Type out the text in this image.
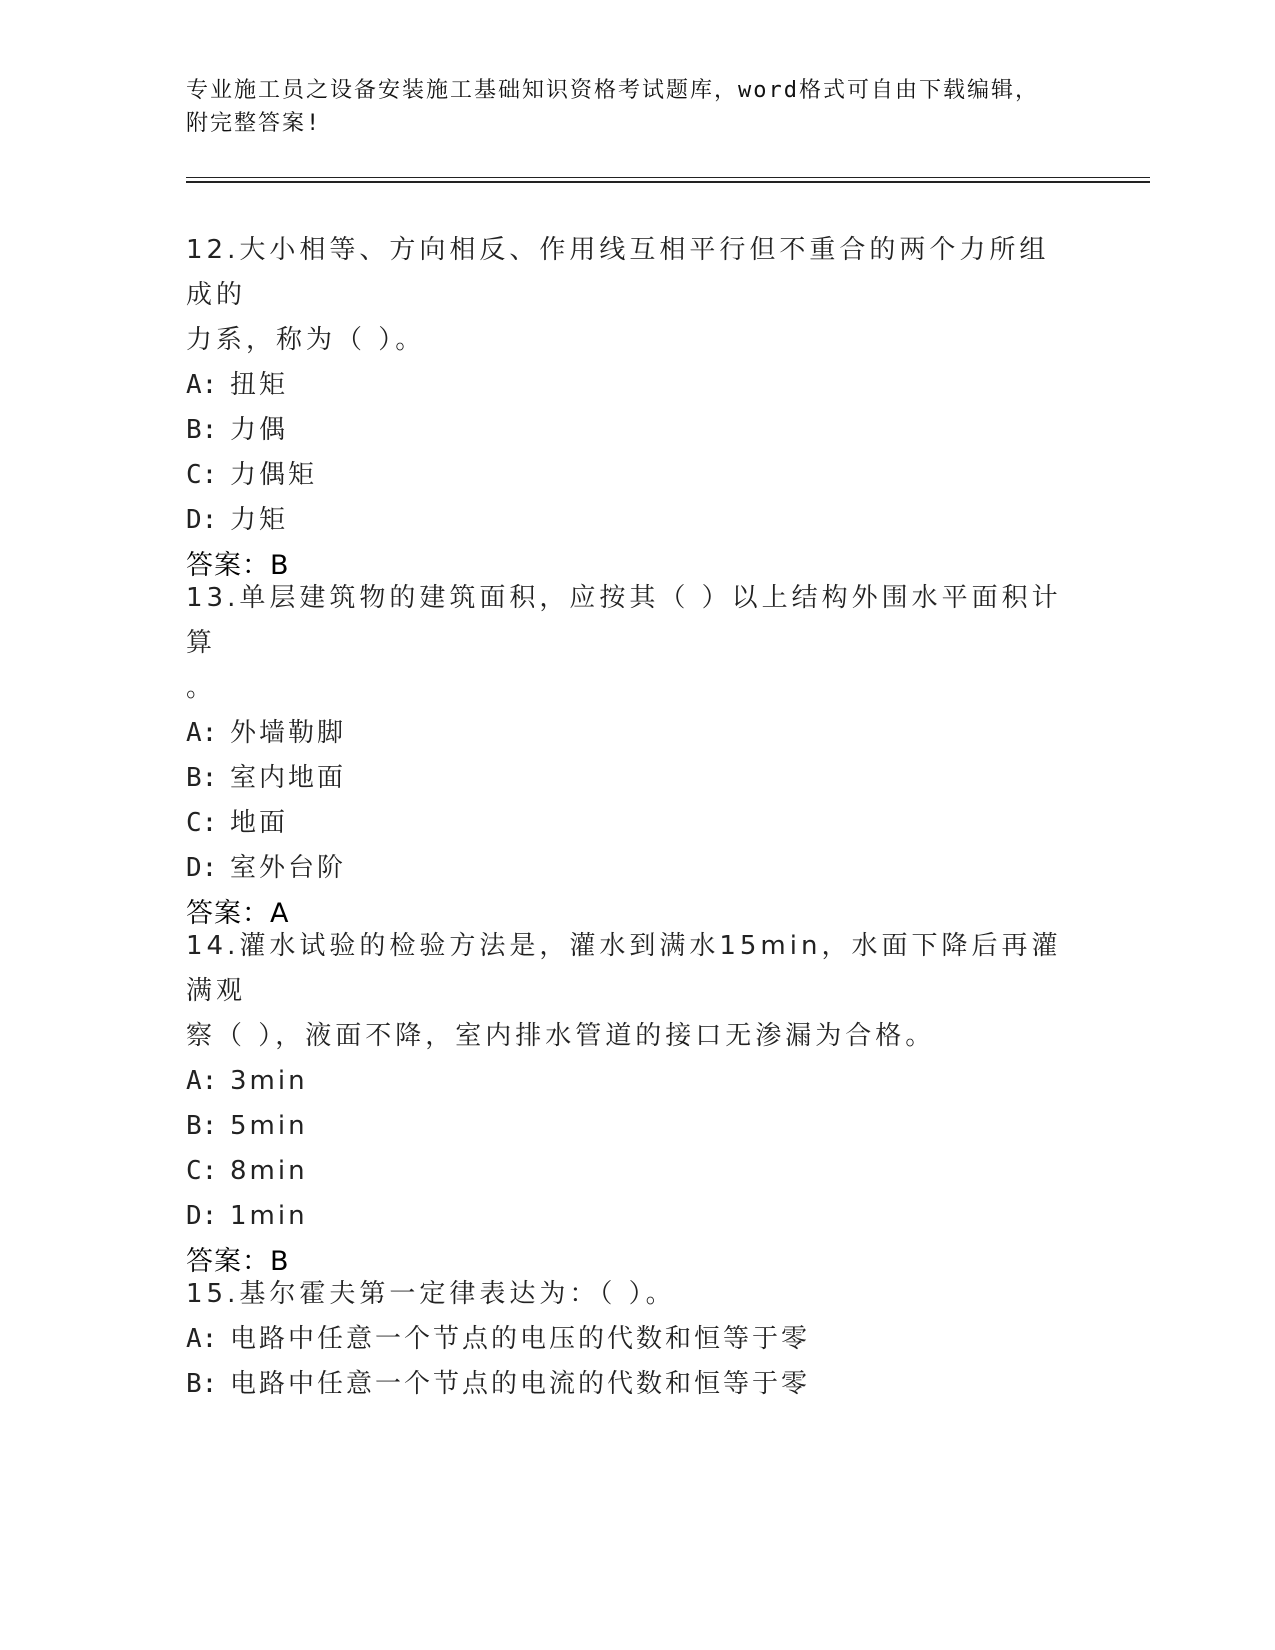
专业施工员之设备安装施工基础知识资格考试题库，word格式可自由下载编辑，
附完整答案!

12.大小相等、方向相反、作用线互相平行但不重合的两个力所组成的

力系，称为（ ）。

A: 扭矩

B: 力偶

C: 力偶矩

D: 力矩

答案：B

13.单层建筑物的建筑面积，应按其（ ）以上结构外围水平面积计算

。

A: 外墙勒脚

B: 室内地面

C: 地面

D: 室外台阶

答案：A

14.灌水试验的检验方法是，灌水到满水15min，水面下降后再灌满观

察（ ），液面不降，室内排水管道的接口无渗漏为合格。

A: 3min

B: 5min

C: 8min

D: 1min

答案：B

15.基尔霍夫第一定律表达为：（ ）。

A: 电路中任意一个节点的电压的代数和恒等于零

B: 电路中任意一个节点的电流的代数和恒等于零
